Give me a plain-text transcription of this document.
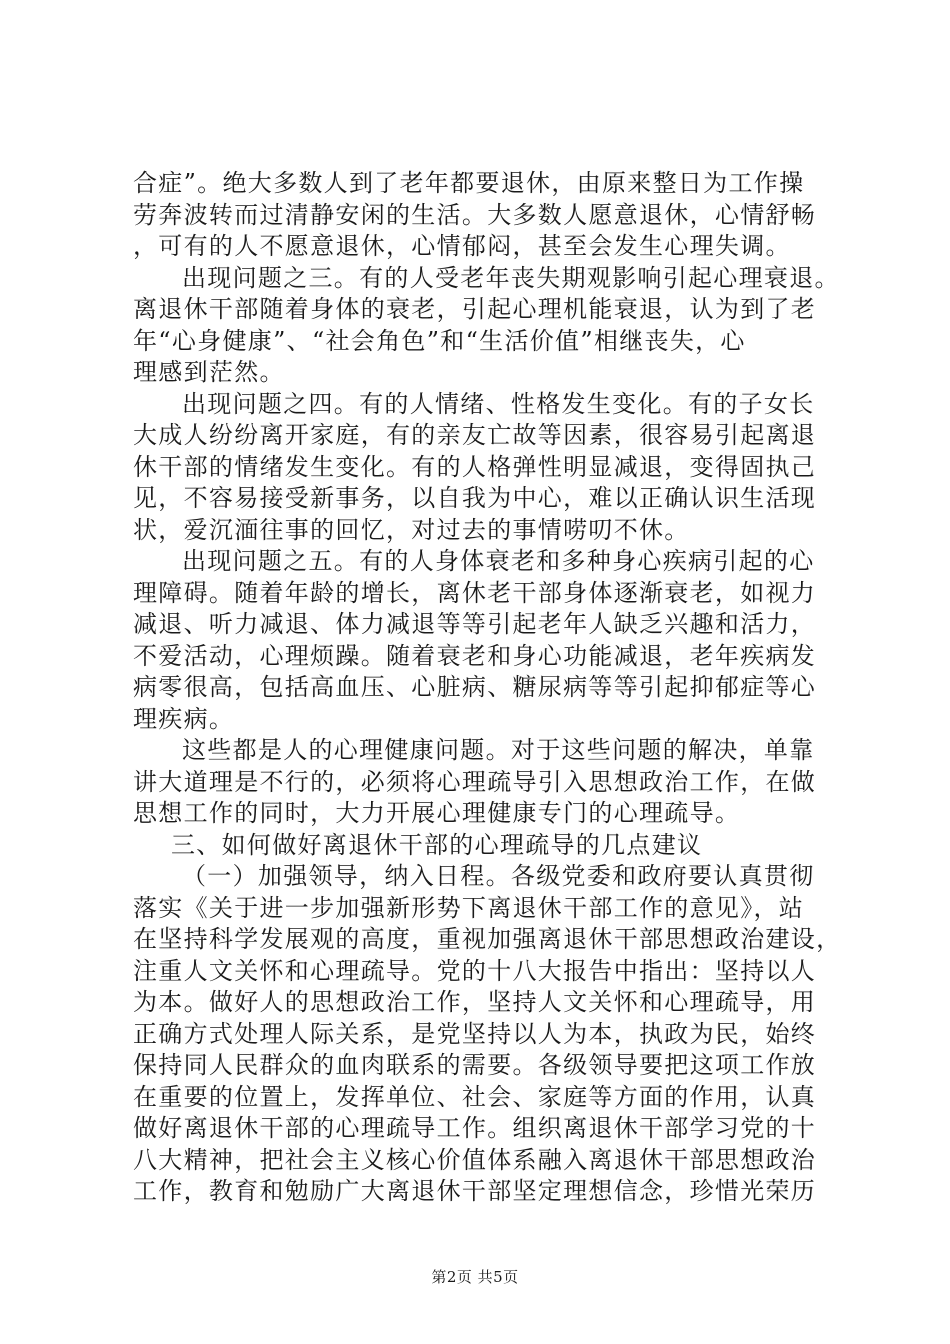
合症”。绝大多数人到了老年都要退休，由原来整日为工作操
劳奔波转而过清静安闲的生活。大多数人愿意退休，心情舒畅
，可有的人不愿意退休，心情郁闷，甚至会发生心理失调。
出现问题之三。有的人受老年丧失期观影响引起心理衰退。
离退休干部随着身体的衰老，引起心理机能衰退，认为到了老
年“心身健康”、“社会角色”和“生活价值”相继丧失，心
理感到茫然。
出现问题之四。有的人情绪、性格发生变化。有的子女长
大成人纷纷离开家庭，有的亲友亡故等因素，很容易引起离退
休干部的情绪发生变化。有的人格弹性明显减退，变得固执己
见，不容易接受新事务，以自我为中心，难以正确认识生活现
状，爱沉湎往事的回忆，对过去的事情唠叨不休。
出现问题之五。有的人身体衰老和多种身心疾病引起的心
理障碍。随着年龄的增长，离休老干部身体逐渐衰老，如视力
减退、听力减退、体力减退等等引起老年人缺乏兴趣和活力，
不爱活动，心理烦躁。随着衰老和身心功能减退，老年疾病发
病零很高，包括高血压、心脏病、糖尿病等等引起抑郁症等心
理疾病。
这些都是人的心理健康问题。对于这些问题的解决，单靠
讲大道理是不行的，必须将心理疏导引入思想政治工作，在做
思想工作的同时，大力开展心理健康专门的心理疏导。
三、如何做好离退休干部的心理疏导的几点建议
（一）加强领导，纳入日程。各级党委和政府要认真贯彻
落实《关于进一步加强新形势下离退休干部工作的意见》，站
在坚持科学发展观的高度，重视加强离退休干部思想政治建设，
注重人文关怀和心理疏导。党的十八大报告中指出：坚持以人
为本。做好人的思想政治工作，坚持人文关怀和心理疏导，用
正确方式处理人际关系，是党坚持以人为本，执政为民，始终
保持同人民群众的血肉联系的需要。各级领导要把这项工作放
在重要的位置上，发挥单位、社会、家庭等方面的作用，认真
做好离退休干部的心理疏导工作。组织离退休干部学习党的十
八大精神，把社会主义核心价值体系融入离退休干部思想政治
工作，教育和勉励广大离退休干部坚定理想信念，珍惜光荣历
第2页 共5页
